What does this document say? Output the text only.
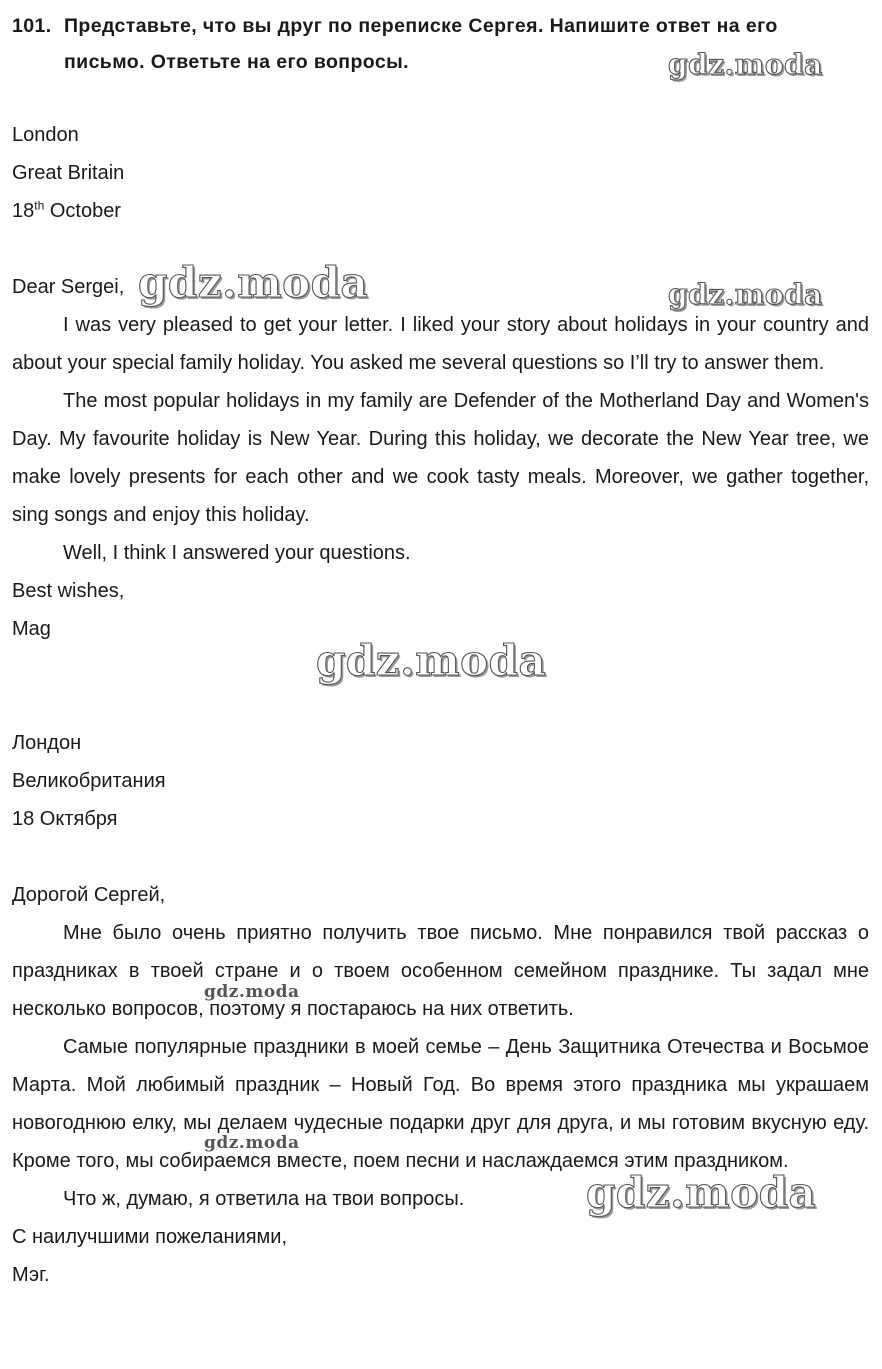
101. Представьте, что вы друг по переписке Сергея. Напишите ответ на его
письмо. Ответьте на его вопросы.

London

Great Britain

18th October

Dear Sergei,

I was very pleased to get your letter. I liked your story about holidays in your country and about your special family holiday. You asked me several questions so I’ll try to answer them.

The most popular holidays in my family are Defender of the Motherland Day and Women's Day. My favourite holiday is New Year. During this holiday, we decorate the New Year tree, we make lovely presents for each other and we cook tasty meals. Moreover, we gather together, sing songs and enjoy this holiday.

Well, I think I answered your questions.

Best wishes,

Mag

Лондон

Великобритания

18 Октября

Дорогой Сергей,

Мне было очень приятно получить твое письмо. Мне понравился твой рассказ о праздниках в твоей стране и о твоем особенном семейном празднике. Ты задал мне несколько вопросов, поэтому я постараюсь на них ответить.

Самые популярные праздники в моей семье – День Защитника Отечества и Восьмое Марта. Мой любимый праздник – Новый Год. Во время этого праздника мы украшаем новогоднюю елку, мы делаем чудесные подарки друг для друга, и мы готовим вкусную еду. Кроме того, мы собираемся вместе, поем песни и наслаждаемся этим праздником.

Что ж, думаю, я ответила на твои вопросы.

С наилучшими пожеланиями,

Мэг.

gdz.moda
gdz.moda	gdz.moda
gdz.moda
gdz.moda
gdz.moda
gdz.moda
